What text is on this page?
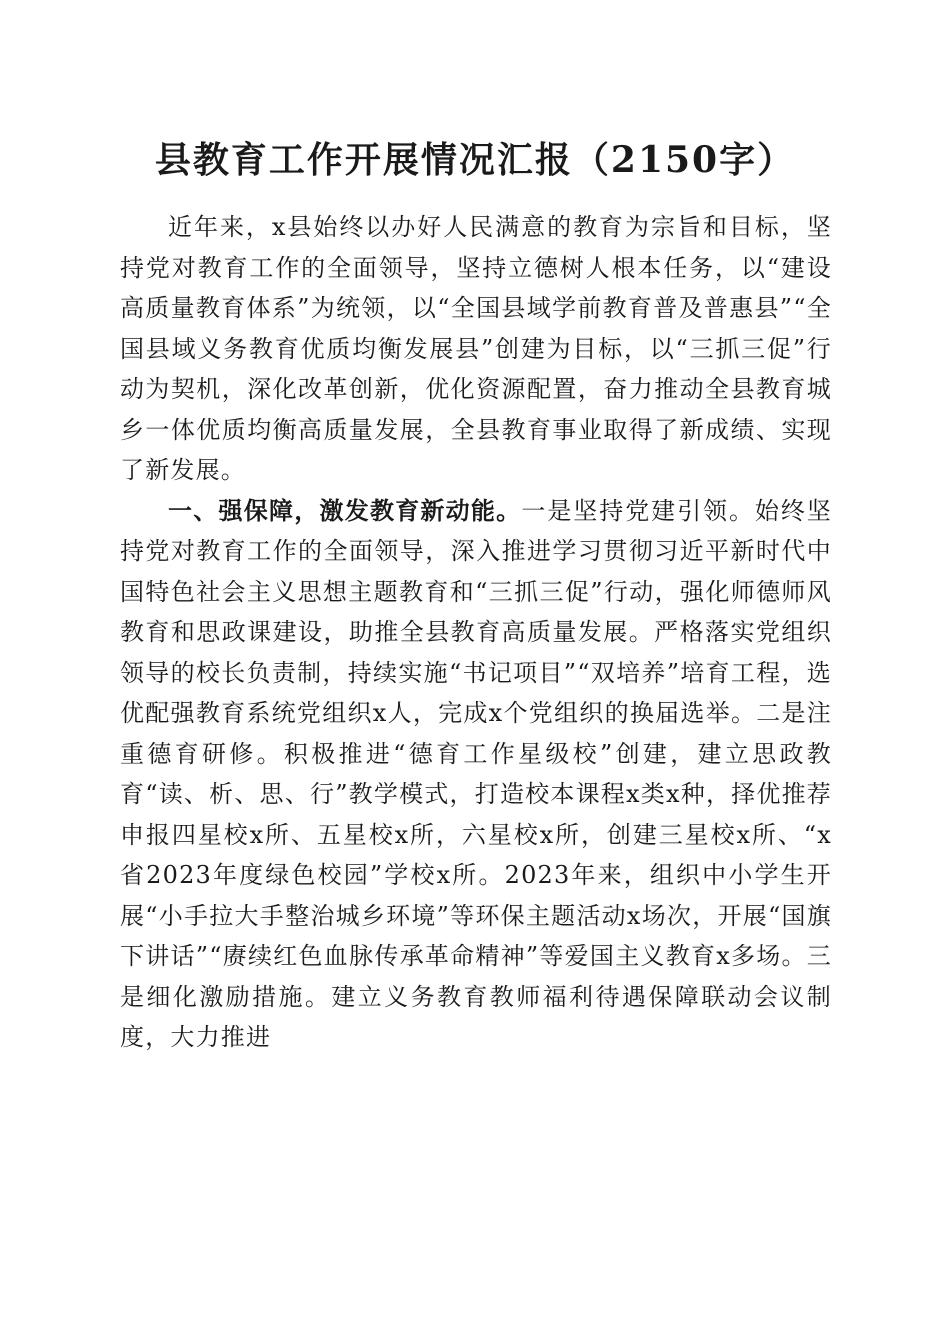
县教育工作开展情况汇报（2150字）

近年来，x县始终以办好人民满意的教育为宗旨和目标，坚持党对教育工作的全面领导，坚持立德树人根本任务，以“建设高质量教育体系”为统领，以“全国县域学前教育普及普惠县”“全国县域义务教育优质均衡发展县”创建为目标，以“三抓三促”行动为契机，深化改革创新，优化资源配置，奋力推动全县教育城乡一体优质均衡高质量发展，全县教育事业取得了新成绩、实现了新发展。

一、强保障，激发教育新动能。一是坚持党建引领。始终坚持党对教育工作的全面领导，深入推进学习贯彻习近平新时代中国特色社会主义思想主题教育和“三抓三促”行动，强化师德师风教育和思政课建设，助推全县教育高质量发展。严格落实党组织领导的校长负责制，持续实施“书记项目”“双培养”培育工程，选优配强教育系统党组织x人，完成x个党组织的换届选举。二是注重德育研修。积极推进“德育工作星级校”创建，建立思政教育“读、析、思、行”教学模式，打造校本课程x类x种，择优推荐申报四星校x所、五星校x所，六星校x所，创建三星校x所、“x省2023年度绿色校园”学校x所。2023年来，组织中小学生开展“小手拉大手整治城乡环境”等环保主题活动x场次，开展“国旗下讲话”“赓续红色血脉传承革命精神”等爱国主义教育x多场。三是细化激励措施。建立义务教育教师福利待遇保障联动会议制度，大力推进
